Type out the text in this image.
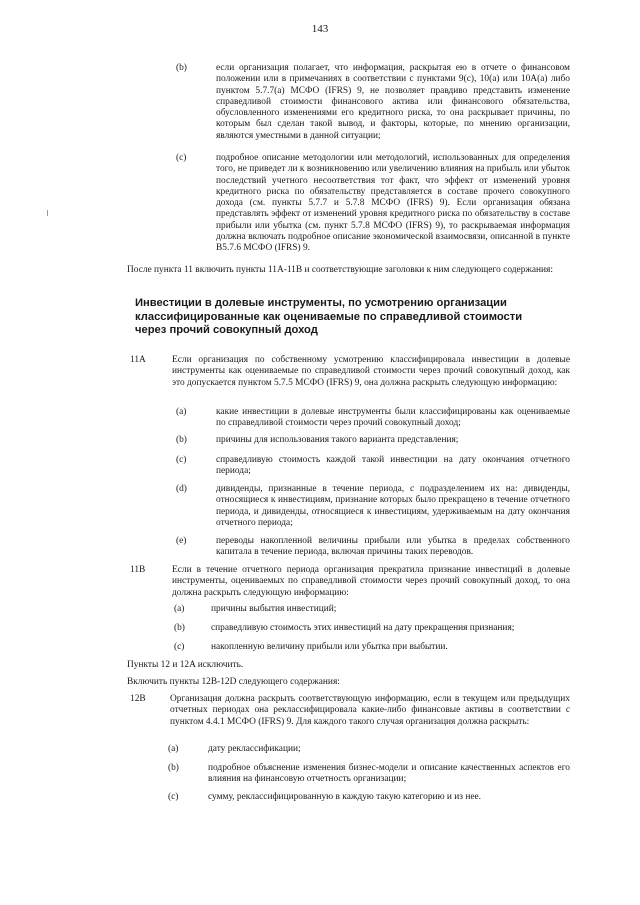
143
(b)	если организация полагает, что информация, раскрытая ею в отчете о финансовом положении или в примечаниях в соответствии с пунктами 9(c), 10(a) или 10A(a) либо пунктом 5.7.7(a) МСФО (IFRS) 9, не позволяет правдиво представить изменение справедливой стоимости финансового актива или финансового обязательства, обусловленного изменениями его кредитного риска, то она раскрывает причины, по которым был сделан такой вывод, и факторы, которые, по мнению организации, являются уместными в данной ситуации;
(c)	подробное описание методологии или методологий, использованных для определения того, не приведет ли к возникновению или увеличению влияния на прибыль или убыток последствий учетного несоответствия тот факт, что эффект от изменений уровня кредитного риска по обязательству представляется в составе прочего совокупного дохода (см. пункты 5.7.7 и 5.7.8 МСФО (IFRS) 9). Если организация обязана представлять эффект от изменений уровня кредитного риска по обязательству в составе прибыли или убытка (см. пункт 5.7.8 МСФО (IFRS) 9), то раскрываемая информация должна включать подробное описание экономической взаимосвязи, описанной в пункте B5.7.6 МСФО (IFRS) 9.
После пункта 11 включить пункты 11A-11B и соответствующие заголовки к ним следующего содержания:
Инвестиции в долевые инструменты, по усмотрению организации классифицированные как оцениваемые по справедливой стоимости через прочий совокупный доход
11A	Если организация по собственному усмотрению классифицировала инвестиции в долевые инструменты как оцениваемые по справедливой стоимости через прочий совокупный доход, как это допускается пунктом 5.7.5 МСФО (IFRS) 9, она должна раскрыть следующую информацию:
(a)	какие инвестиции в долевые инструменты были классифицированы как оцениваемые по справедливой стоимости через прочий совокупный доход;
(b)	причины для использования такого варианта представления;
(c)	справедливую стоимость каждой такой инвестиции на дату окончания отчетного периода;
(d)	дивиденды, признанные в течение периода, с подразделением их на: дивиденды, относящиеся к инвестициям, признание которых было прекращено в течение отчетного периода, и дивиденды, относящиеся к инвестициям, удерживаемым на дату окончания отчетного периода;
(e)	переводы накопленной величины прибыли или убытка в пределах собственного капитала в течение периода, включая причины таких переводов.
11B	Если в течение отчетного периода организация прекратила признание инвестиций в долевые инструменты, оцениваемых по справедливой стоимости через прочий совокупный доход, то она должна раскрыть следующую информацию:
(a)	причины выбытия инвестиций;
(b)	справедливую стоимость этих инвестиций на дату прекращения признания;
(c)	накопленную величину прибыли или убытка при выбытии.
Пункты 12 и 12A исключить.
Включить пункты 12B-12D следующего содержания:
12B	Организация должна раскрыть соответствующую информацию, если в текущем или предыдущих отчетных периодах она реклассифицировала какие-либо финансовые активы в соответствии с пунктом 4.4.1 МСФО (IFRS) 9. Для каждого такого случая организация должна раскрыть:
(a)	дату реклассификации;
(b)	подробное объяснение изменения бизнес-модели и описание качественных аспектов его влияния на финансовую отчетность организации;
(c)	сумму, реклассифицированную в каждую такую категорию и из нее.
